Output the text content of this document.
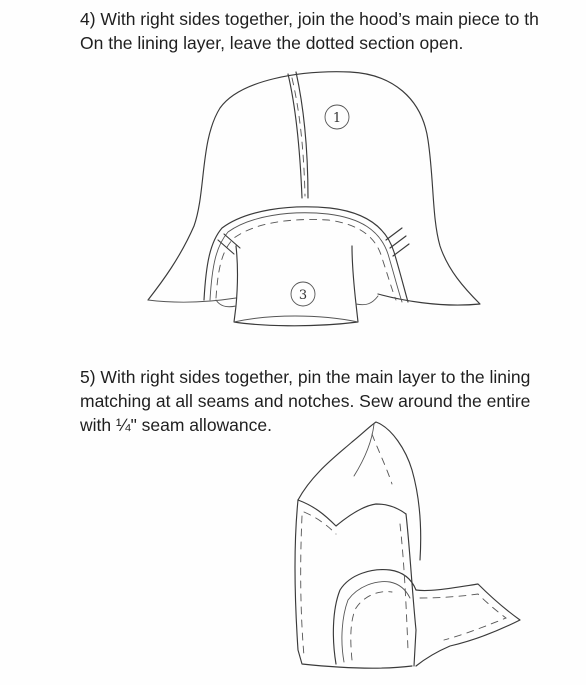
4) With right sides together, join the hood’s main piece to th
On the lining layer, leave the dotted section open.
1
3
5) With right sides together, pin the main layer to the lining
matching at all seams and notches. Sew around the entire
with ¼" seam allowance.
